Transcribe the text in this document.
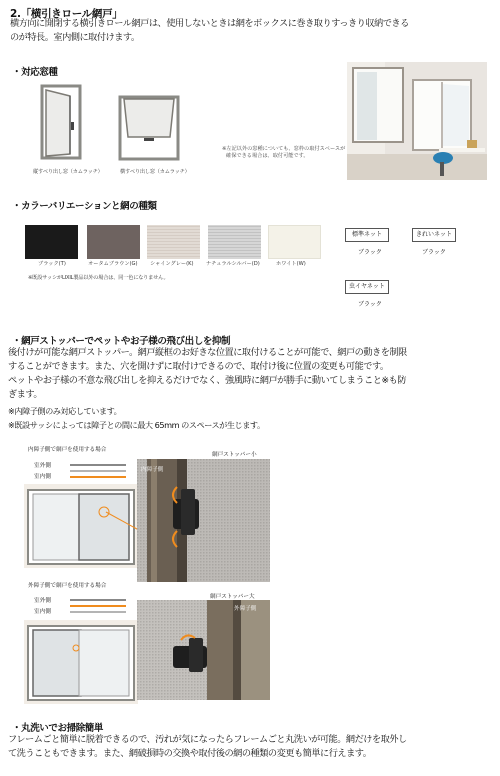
2.「横引きロール網戸」
横方向に開閉する横引きロール網戸は、使用しないときは網をボックスに巻き取りすっきり収納できる
のが特長。室内側に取付けます。
・対応窓種
縦すべり出し窓（カムラッチ）	横すべり出し窓（カムラッチ）
※左記以外の窓種についても、窓枠の取付スペースが
確保できる場合は、取付可能です。
・カラーバリエーションと網の種類
ブラック(T)	オータムブラウン(G) シャイングレー(K) ナチュラルシルバー(D)	ホワイト(W)
※既設サッシがLIXIL製品以外の場合は、同一色になりません。
標準ネット
ブラック
きれいネット
ブラック
虫イヤネット
ブラック
・網戸ストッパーでペットやお子様の飛び出しを抑制
後付けが可能な網戸ストッパー。網戸縦框のお好きな位置に取付けることが可能で、網戸の動きを制限
することができます。また、穴を開けずに取付けできるので、取付け後に位置の変更も可能です。
ペットやお子様の不意な飛び出しを抑えるだけでなく、強風時に網戸が勝手に動いてしまうこと※も防
ぎます。
※内障子側のみ対応しています。
※既設サッシによっては障子との間に最大 65mm のスペースが生じます。
内障子側で網戸を使用する場合
室外側
室内側
網戸ストッパー小
内障子側
外障子側で網戸を使用する場合
室外側
室内側
網戸ストッパー大
外障子側
・丸洗いでお掃除簡単
フレームごと簡単に脱着できるので、汚れが気になったらフレームごと丸洗いが可能。網だけを取外し
て洗うこともできます。また、網破損時の交換や取付後の網の種類の変更も簡単に行えます。
